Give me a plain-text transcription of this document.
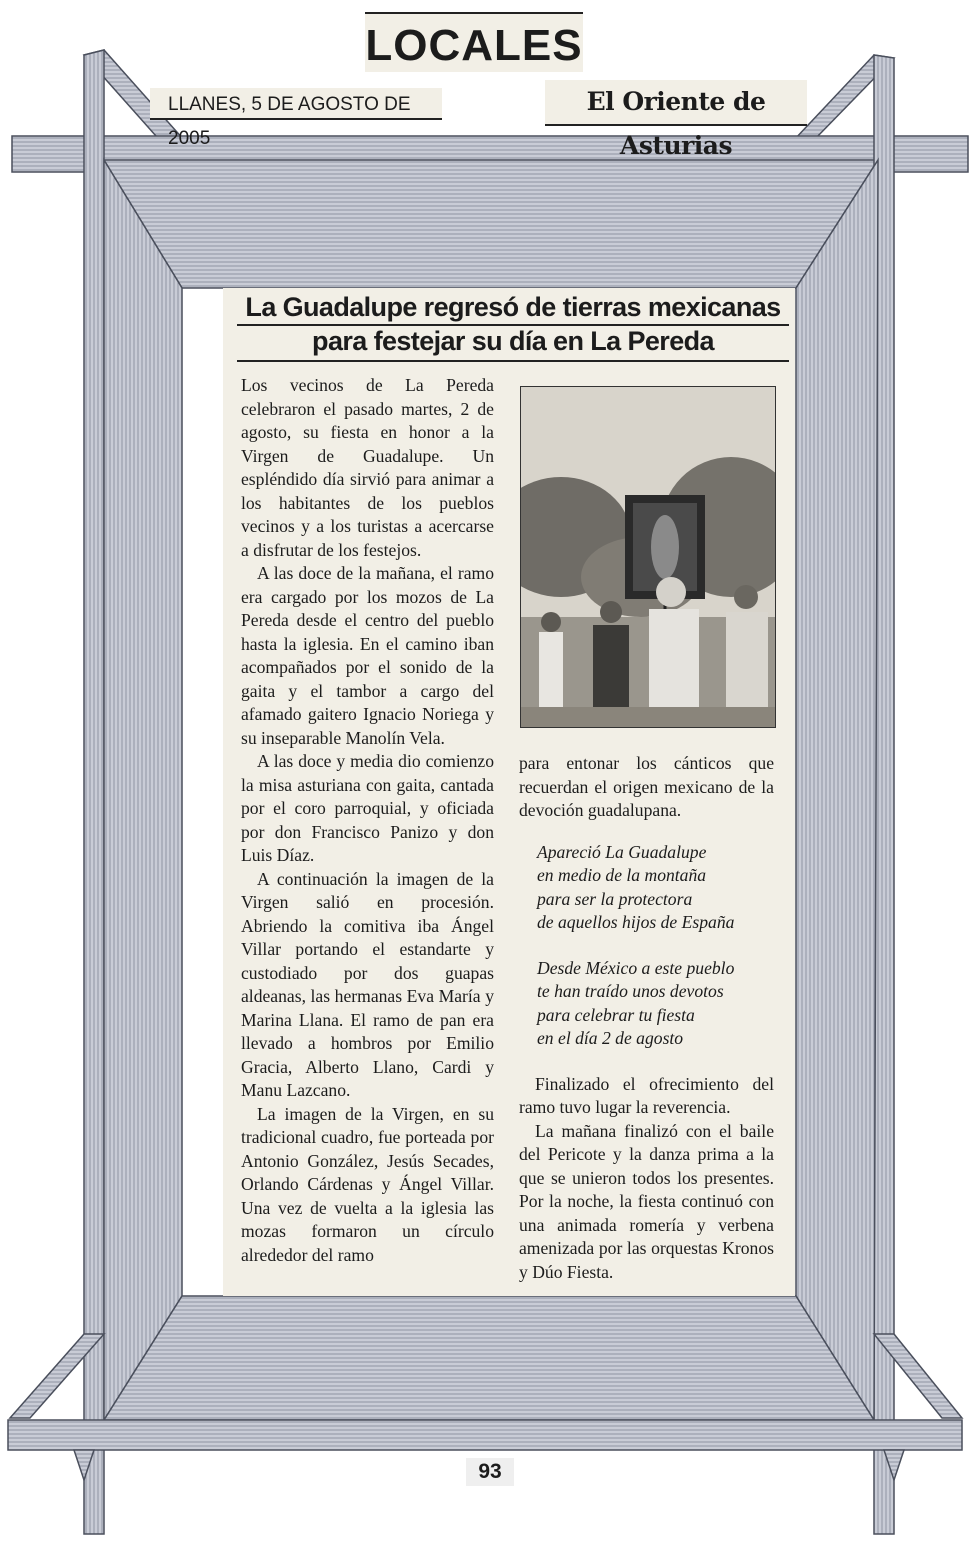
LOCALES
LLANES, 5 DE AGOSTO DE 2005
El Oriente de Asturias
La Guadalupe regresó de tierras mexicanas
para festejar su día en La Pereda

Los vecinos de La Pereda celebraron el pasado martes, 2 de agosto, su fiesta en honor a la Virgen de Guadalupe. Un espléndido día sirvió para animar a los habitantes de los pueblos vecinos y a los turistas a acercarse a disfrutar de los festejos.

A las doce de la mañana, el ramo era cargado por los mozos de La Pereda desde el centro del pueblo hasta la iglesia. En el camino iban acompañados por el sonido de la gaita y el tambor a cargo del afamado gaitero Ignacio Noriega y su inseparable Manolín Vela.

A las doce y media dio comienzo la misa asturiana con gaita, cantada por el coro parroquial, y oficiada por don Francisco Panizo y don Luis Díaz.

A continuación la imagen de la Virgen salió en procesión. Abriendo la comitiva iba Ángel Villar portando el estandarte y custodiado por dos guapas aldeanas, las hermanas Eva María y Marina Llana. El ramo de pan era llevado a hombros por Emilio Gracia, Alberto Llano, Cardi y Manu Lazcano.

La imagen de la Virgen, en su tradicional cuadro, fue porteada por Antonio González, Jesús Secades, Orlando Cárdenas y Ángel Villar. Una vez de vuelta a la iglesia las mozas formaron un círculo alrededor del ramo

para entonar los cánticos que recuerdan el origen mexicano de la devoción guadalupana.

Apareció La Guadalupe
en medio de la montaña
para ser la protectora
de aquellos hijos de España
Desde México a este pueblo
te han traído unos devotos
para celebrar tu fiesta
en el día 2 de agosto

Finalizado el ofrecimiento del ramo tuvo lugar la reverencia.

La mañana finalizó con el baile del Pericote y la danza prima a la que se unieron todos los presentes. Por la noche, la fiesta continuó con una animada romería y verbena amenizada por las orquestas Kronos y Dúo Fiesta.

93
